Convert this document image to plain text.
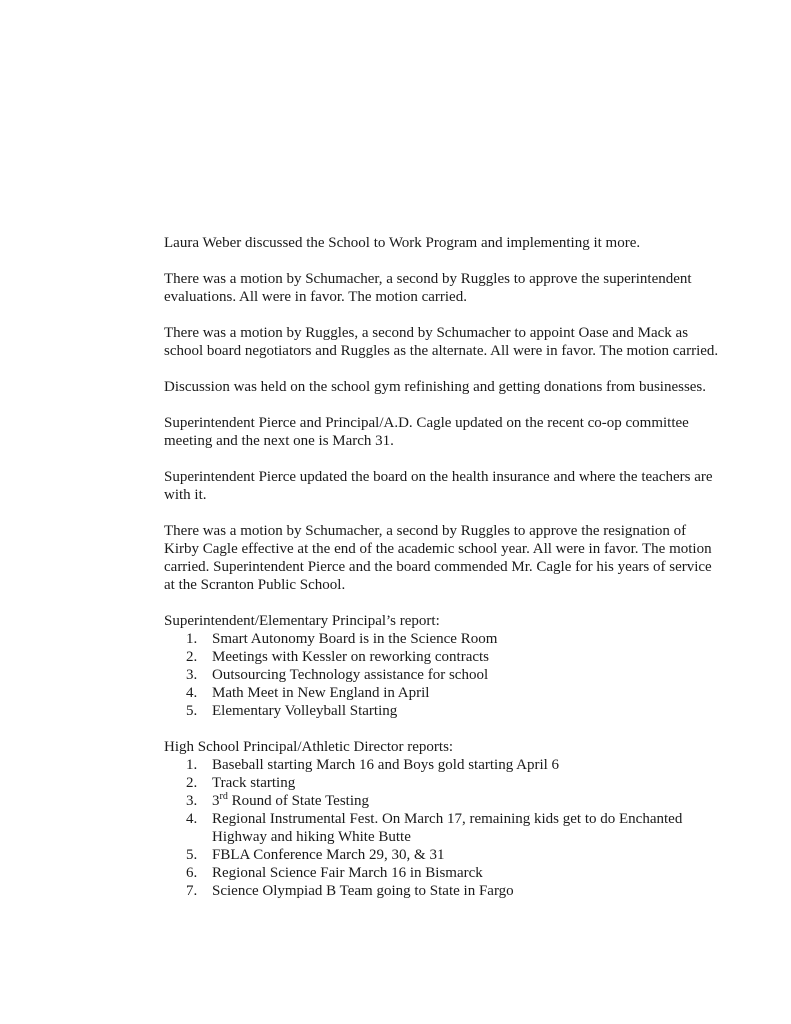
Laura Weber discussed the School to Work Program and implementing it more.

There was a motion by Schumacher, a second by Ruggles to approve the superintendent evaluations. All were in favor. The motion carried.

There was a motion by Ruggles, a second by Schumacher to appoint Oase and Mack as school board negotiators and Ruggles as the alternate. All were in favor. The motion carried.

Discussion was held on the school gym refinishing and getting donations from businesses.

Superintendent Pierce and Principal/A.D. Cagle updated on the recent co-op committee meeting and the next one is March 31.

Superintendent Pierce updated the board on the health insurance and where the teachers are with it.

There was a motion by Schumacher, a second by Ruggles to approve the resignation of Kirby Cagle effective at the end of the academic school year. All were in favor. The motion carried. Superintendent Pierce and the board commended Mr. Cagle for his years of service at the Scranton Public School.

Superintendent/Elementary Principal’s report:

1. Smart Autonomy Board is in the Science Room
2. Meetings with Kessler on reworking contracts
3. Outsourcing Technology assistance for school
4. Math Meet in New England in April
5. Elementary Volleyball Starting

High School Principal/Athletic Director reports:

1. Baseball starting March 16 and Boys gold starting April 6
2. Track starting
3. 3rd Round of State Testing
4. Regional Instrumental Fest. On March 17, remaining kids get to do Enchanted Highway and hiking White Butte
5. FBLA Conference March 29, 30, & 31
6. Regional Science Fair March 16 in Bismarck
7. Science Olympiad B Team going to State in Fargo
